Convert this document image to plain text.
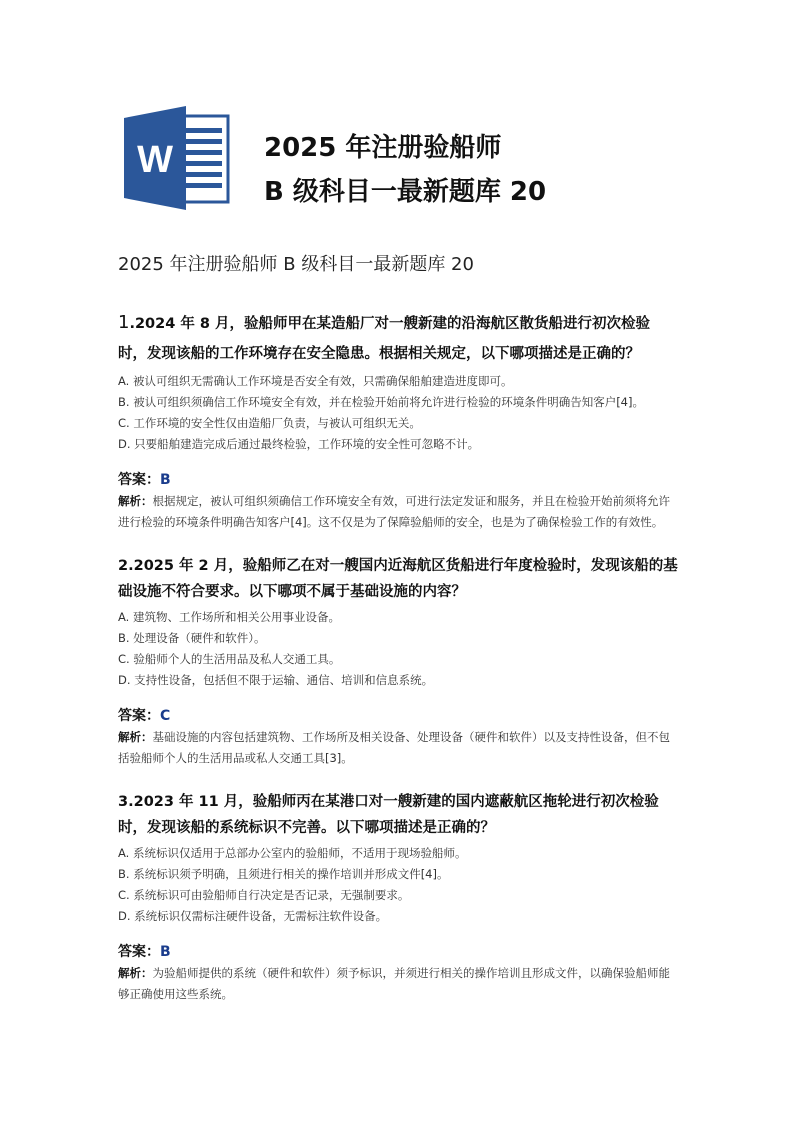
W	2025 年注册验船师
B 级科目一最新题库 20
2025 年注册验船师 B 级科目一最新题库 20
1.2024 年 8 月，验船师甲在某造船厂对一艘新建的沿海航区散货船进行初次检验时，发现该船的工作环境存在安全隐患。根据相关规定，以下哪项描述是正确的？
A. 被认可组织无需确认工作环境是否安全有效，只需确保船舶建造进度即可。
B. 被认可组织须确信工作环境安全有效，并在检验开始前将允许进行检验的环境条件明确告知客户[4]。
C. 工作环境的安全性仅由造船厂负责，与被认可组织无关。
D. 只要船舶建造完成后通过最终检验，工作环境的安全性可忽略不计。
答案：B
解析：根据规定，被认可组织须确信工作环境安全有效，可进行法定发证和服务，并且在检验开始前须将允许进行检验的环境条件明确告知客户[4]。这不仅是为了保障验船师的安全，也是为了确保检验工作的有效性。
2.2025 年 2 月，验船师乙在对一艘国内近海航区货船进行年度检验时，发现该船的基础设施不符合要求。以下哪项不属于基础设施的内容？
A. 建筑物、工作场所和相关公用事业设备。
B. 处理设备（硬件和软件）。
C. 验船师个人的生活用品及私人交通工具。
D. 支持性设备，包括但不限于运输、通信、培训和信息系统。
答案：C
解析：基础设施的内容包括建筑物、工作场所及相关设备、处理设备（硬件和软件）以及支持性设备，但不包括验船师个人的生活用品或私人交通工具[3]。
3.2023 年 11 月，验船师丙在某港口对一艘新建的国内遮蔽航区拖轮进行初次检验时，发现该船的系统标识不完善。以下哪项描述是正确的？
A. 系统标识仅适用于总部办公室内的验船师，不适用于现场验船师。
B. 系统标识须予明确，且须进行相关的操作培训并形成文件[4]。
C. 系统标识可由验船师自行决定是否记录，无强制要求。
D. 系统标识仅需标注硬件设备，无需标注软件设备。
答案：B
解析：为验船师提供的系统（硬件和软件）须予标识，并须进行相关的操作培训且形成文件，以确保验船师能够正确使用这些系统。
